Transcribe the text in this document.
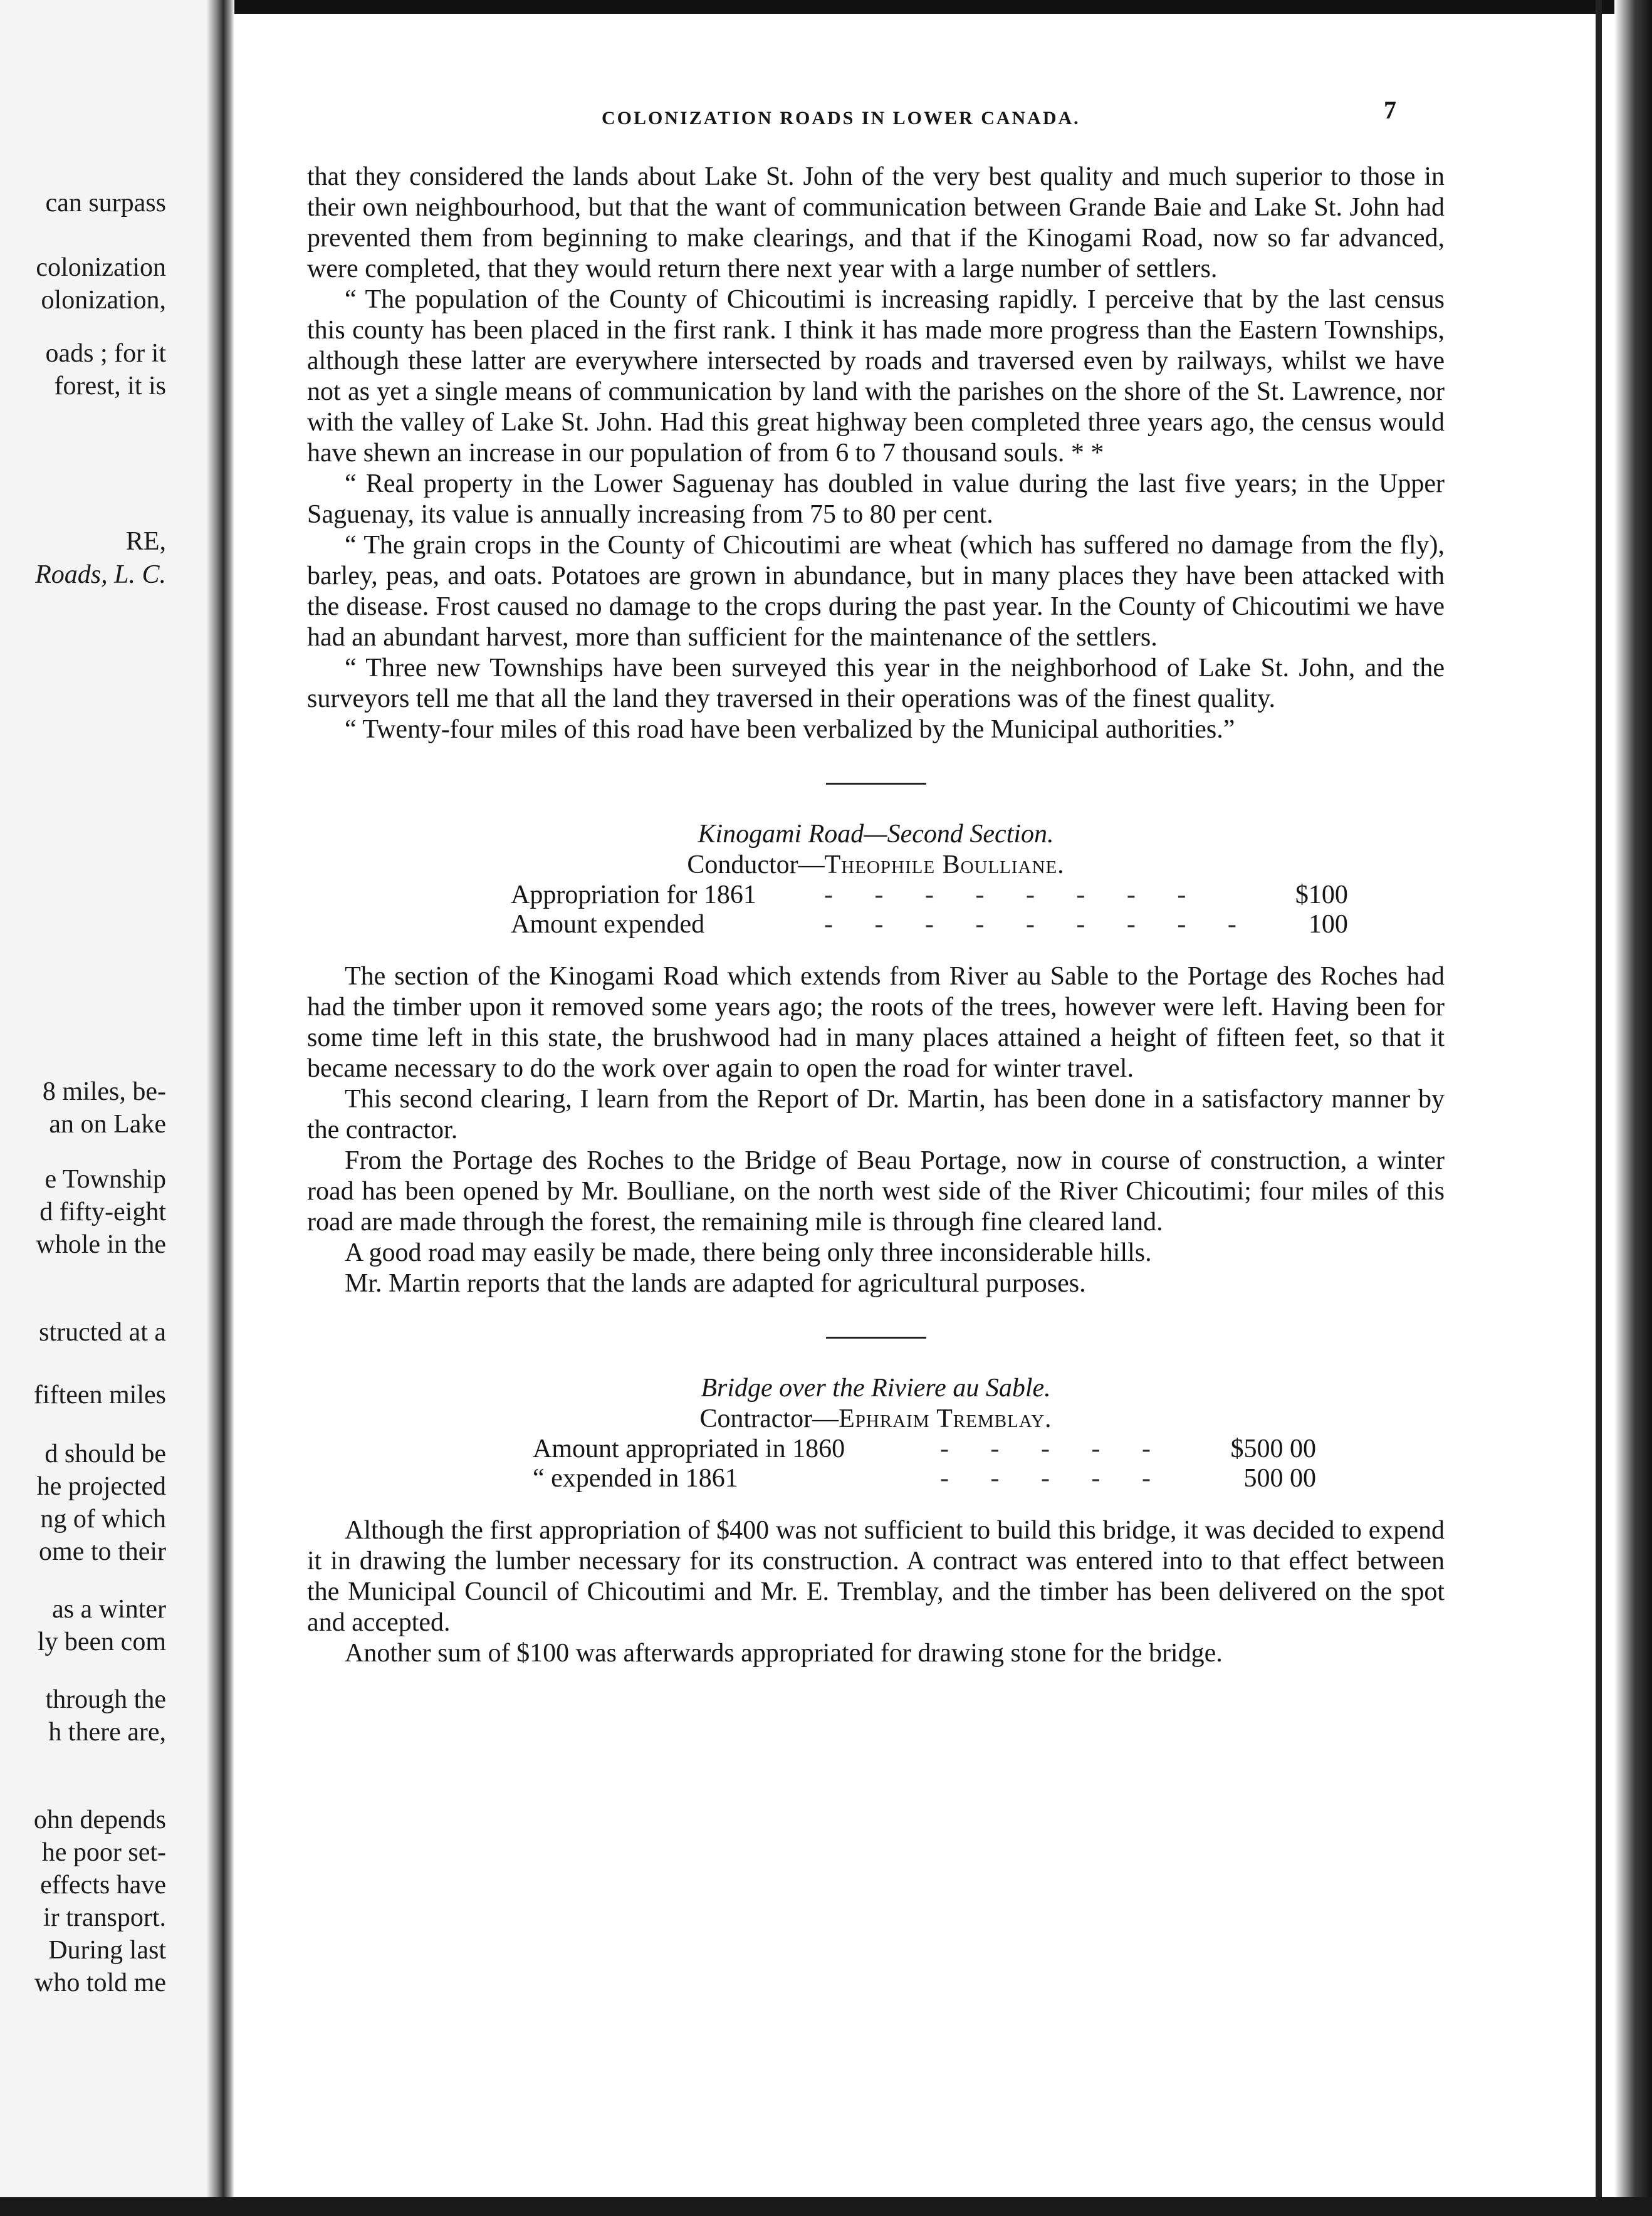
can surpass
colonization
olonization,
oads ; for it
forest, it is
RE,
Roads, L. C.
8 miles, be-
an on Lake
e Township
d fifty-eight
whole in the
structed at a
fifteen miles
d should be
he projected
ng of which
ome to their
as a winter
ly been com
through the
h there are,
ohn depends
he poor set-
effects have
ir transport.
During last
who told me
COLONIZATION ROADS IN LOWER CANADA.	7

that they considered the lands about Lake St. John of the very best quality and much superior to those in their own neighbourhood, but that the want of communication between Grande Baie and Lake St. John had prevented them from beginning to make clearings, and that if the Kinogami Road, now so far advanced, were completed, that they would return there next year with a large number of settlers.

“ The population of the County of Chicoutimi is increasing rapidly. I perceive that by the last census this county has been placed in the first rank. I think it has made more progress than the Eastern Townships, although these latter are everywhere intersected by roads and traversed even by railways, whilst we have not as yet a single means of communication by land with the parishes on the shore of the St. Lawrence, nor with the valley of Lake St. John. Had this great highway been completed three years ago, the census would have shewn an increase in our population of from 6 to 7 thousand souls. * *

“ Real property in the Lower Saguenay has doubled in value during the last five years; in the Upper Saguenay, its value is annually increasing from 75 to 80 per cent.

“ The grain crops in the County of Chicoutimi are wheat (which has suffered no damage from the fly), barley, peas, and oats. Potatoes are grown in abundance, but in many places they have been attacked with the disease. Frost caused no damage to the crops during the past year. In the County of Chicoutimi we have had an abundant harvest, more than sufficient for the maintenance of the settlers.

“ Three new Townships have been surveyed this year in the neighborhood of Lake St. John, and the surveyors tell me that all the land they traversed in their operations was of the finest quality.

“ Twenty-four miles of this road have been verbalized by the Municipal authorities.”

Kinogami Road—Second Section.

Conductor—Theophile Boulliane.

Appropriation for 1861	- - - - - - - -	$100
Amount expended	- - - - - - - - -	100

The section of the Kinogami Road which extends from River au Sable to the Portage des Roches had had the timber upon it removed some years ago; the roots of the trees, however were left. Having been for some time left in this state, the brushwood had in many places attained a height of fifteen feet, so that it became necessary to do the work over again to open the road for winter travel.

This second clearing, I learn from the Report of Dr. Martin, has been done in a satisfactory manner by the contractor.

From the Portage des Roches to the Bridge of Beau Portage, now in course of construction, a winter road has been opened by Mr. Boulliane, on the north west side of the River Chicoutimi; four miles of this road are made through the forest, the remaining mile is through fine cleared land.

A good road may easily be made, there being only three inconsiderable hills.

Mr. Martin reports that the lands are adapted for agricultural purposes.

Bridge over the Riviere au Sable.

Contractor—Ephraim Tremblay.

Amount appropriated in 1860	- - - - -	$500 00
“ expended in 1861	- - - - -	500 00

Although the first appropriation of $400 was not sufficient to build this bridge, it was decided to expend it in drawing the lumber necessary for its construction. A contract was entered into to that effect between the Municipal Council of Chicoutimi and Mr. E. Tremblay, and the timber has been delivered on the spot and accepted.

Another sum of $100 was afterwards appropriated for drawing stone for the bridge.
